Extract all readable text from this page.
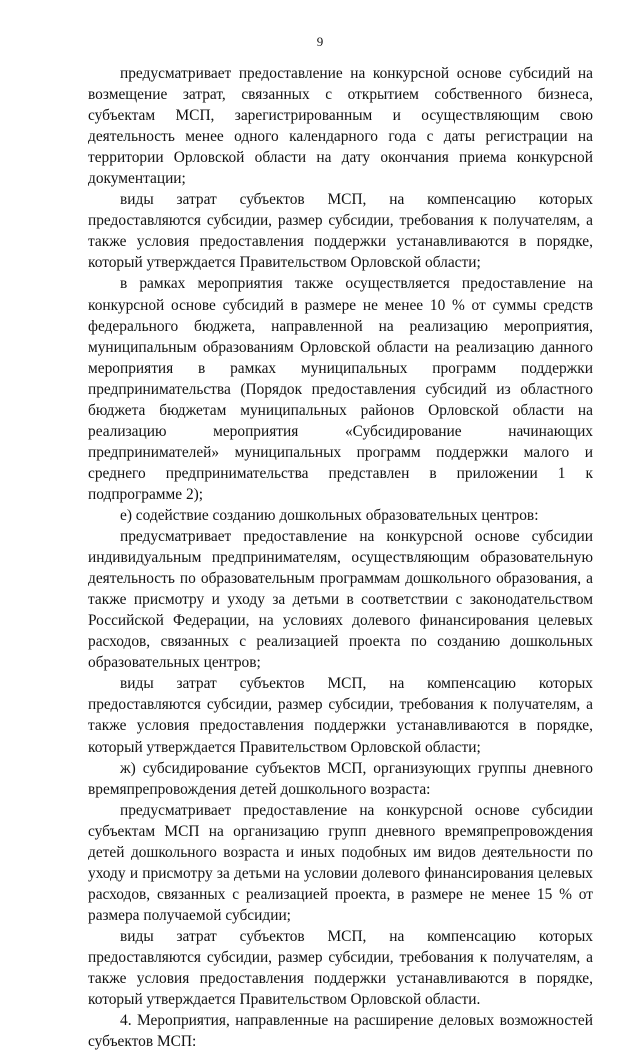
9

предусматривает предоставление на конкурсной основе субсидий на возмещение затрат, связанных с открытием собственного бизнеса, субъектам МСП, зарегистрированным и осуществляющим свою деятельность менее одного календарного года с даты регистрации на территории Орловской области на дату окончания приема конкурсной документации;

виды затрат субъектов МСП, на компенсацию которых предоставляются субсидии, размер субсидии, требования к получателям, а также условия предоставления поддержки устанавливаются в порядке, который утверждается Правительством Орловской области;

в рамках мероприятия также осуществляется предоставление на конкурсной основе субсидий в размере не менее 10 % от суммы средств федерального бюджета, направленной на реализацию мероприятия, муниципальным образованиям Орловской области на реализацию данного мероприятия в рамках муниципальных программ поддержки предпринимательства (Порядок предоставления субсидий из областного бюджета бюджетам муниципальных районов Орловской области на реализацию мероприятия «Субсидирование начинающих предпринимателей» муниципальных программ поддержки малого и среднего предпринимательства представлен в приложении 1 к подпрограмме 2);

е) содействие созданию дошкольных образовательных центров:

предусматривает предоставление на конкурсной основе субсидии индивидуальным предпринимателям, осуществляющим образовательную деятельность по образовательным программам дошкольного образования, а также присмотру и уходу за детьми в соответствии с законодательством Российской Федерации, на условиях долевого финансирования целевых расходов, связанных с реализацией проекта по созданию дошкольных образовательных центров;

виды затрат субъектов МСП, на компенсацию которых предоставляются субсидии, размер субсидии, требования к получателям, а также условия предоставления поддержки устанавливаются в порядке, который утверждается Правительством Орловской области;

ж) субсидирование субъектов МСП, организующих группы дневного времяпрепровождения детей дошкольного возраста:

предусматривает предоставление на конкурсной основе субсидии субъектам МСП на организацию групп дневного времяпрепровождения детей дошкольного возраста и иных подобных им видов деятельности по уходу и присмотру за детьми на условии долевого финансирования целевых расходов, связанных с реализацией проекта, в размере не менее 15 % от размера получаемой субсидии;

виды затрат субъектов МСП, на компенсацию которых предоставляются субсидии, размер субсидии, требования к получателям, а также условия предоставления поддержки устанавливаются в порядке, который утверждается Правительством Орловской области.

4. Мероприятия, направленные на расширение деловых возможностей субъектов МСП:
